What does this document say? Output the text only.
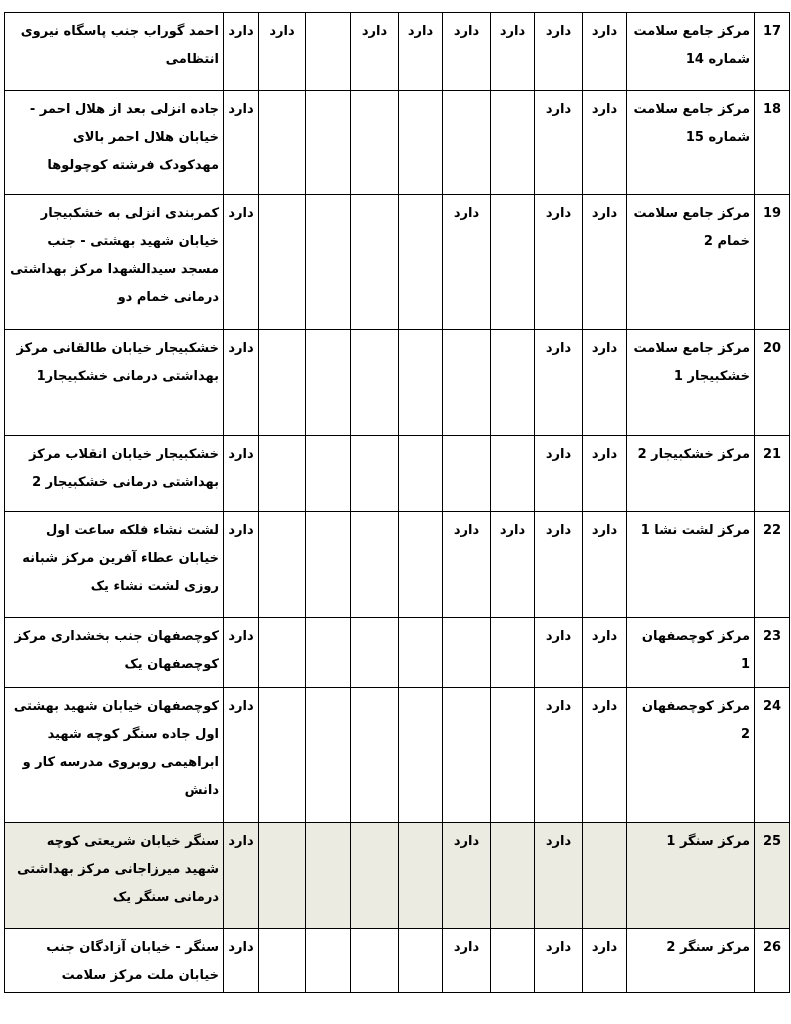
17	مرکز جامع سلامت شماره 14	دارد	دارد	دارد	دارد	دارد	دارد		دارد	دارد	احمد گوراب جنب پاسگاه نیروی انتظامی
18	مرکز جامع سلامت شماره 15	دارد	دارد							دارد	جاده انزلی بعد از هلال احمر - خیابان هلال احمر بالای مهدکودک فرشته کوچولوها
19	مرکز جامع سلامت خمام 2	دارد	دارد		دارد					دارد	کمربندی انزلی به خشکبیجار خیابان شهید بهشتی - جنب مسجد سیدالشهدا مرکز بهداشتی درمانی خمام دو
20	مرکز جامع سلامت خشکبیجار 1	دارد	دارد							دارد	خشکبیجار خیابان طالقانی مرکز بهداشتی درمانی خشکبیجار1
21	مرکز خشکبیجار 2	دارد	دارد							دارد	خشکبیجار خیابان انقلاب مرکز بهداشتی درمانی خشکبیجار 2
22	مرکز لشت نشا 1	دارد	دارد	دارد	دارد					دارد	لشت نشاء فلکه ساعت اول خیابان عطاء آفرین مرکز شبانه روزی لشت نشاء یک
23	مرکز کوچصفهان 1	دارد	دارد							دارد	کوچصفهان جنب بخشداری مرکز کوچصفهان یک
24	مرکز کوچصفهان 2	دارد	دارد							دارد	کوچصفهان خیابان شهید بهشتی اول جاده سنگر کوچه شهید ابراهیمی روبروی مدرسه کار و دانش
25	مرکز سنگر 1		دارد		دارد					دارد	سنگر خیابان شریعتی کوچه شهید میرزاجانی مرکز بهداشتی درمانی سنگر یک
26	مرکز سنگر 2	دارد	دارد		دارد					دارد	سنگر - خیابان آزادگان جنب خیابان ملت مرکز سلامت
